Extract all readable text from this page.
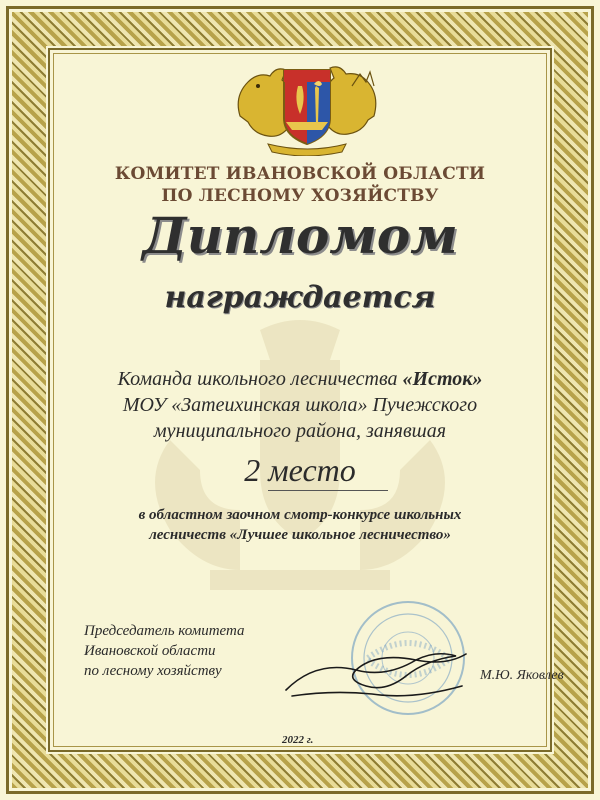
КОМИТЕТ ИВАНОВСКОЙ ОБЛАСТИ
ПО ЛЕСНОМУ ХОЗЯЙСТВУ
Дипломом
награждается
Команда школьного лесничества «Исток»
МОУ «Затеихинская школа» Пучежского
муниципального района, занявшая
2 место
в областном заочном смотр-конкурсе школьных
лесничеств «Лучшее школьное лесничество»
Председатель комитета
Ивановской области
по лесному хозяйству	М.Ю. Яковлев
2022 г.
